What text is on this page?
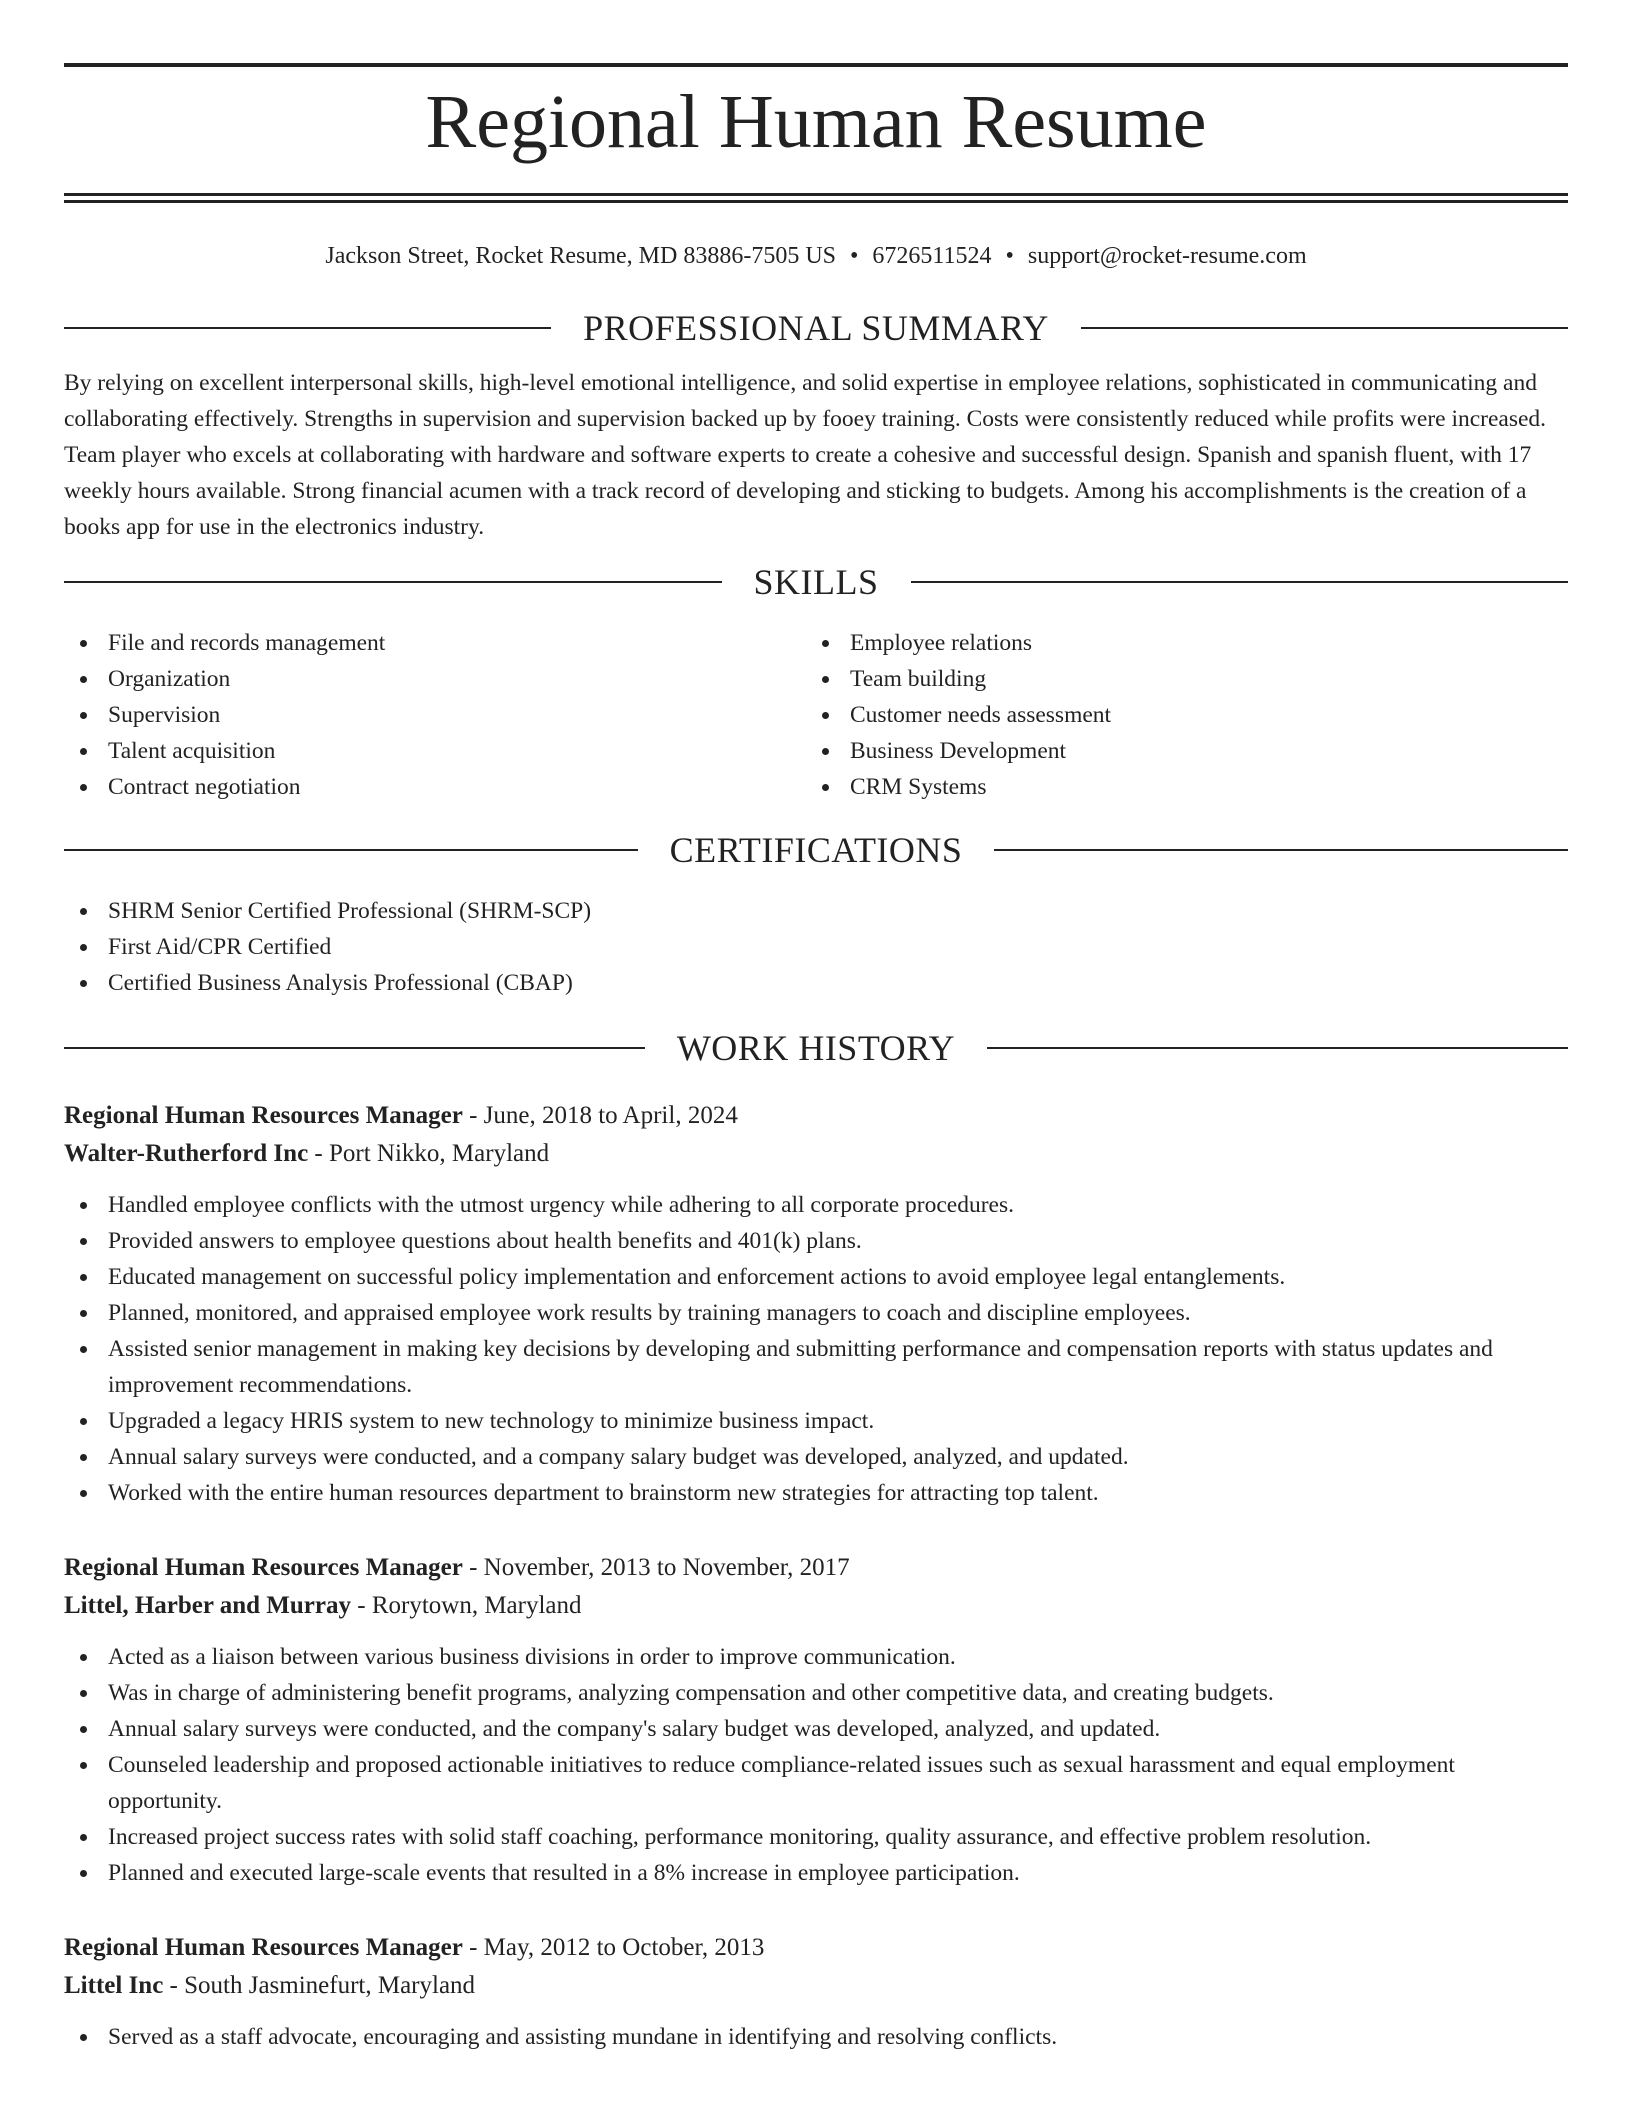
Regional Human Resume
Jackson Street, Rocket Resume, MD 83886-7505 US • 6726511524 • support@rocket-resume.com
PROFESSIONAL SUMMARY

By relying on excellent interpersonal skills, high-level emotional intelligence, and solid expertise in employee relations, sophisticated in communicating and collaborating effectively. Strengths in supervision and supervision backed up by fooey training. Costs were consistently reduced while profits were increased. Team player who excels at collaborating with hardware and software experts to create a cohesive and successful design. Spanish and spanish fluent, with 17 weekly hours available. Strong financial acumen with a track record of developing and sticking to budgets. Among his accomplishments is the creation of a books app for use in the electronics industry.

SKILLS
File and records management
Organization
Supervision
Talent acquisition
Contract negotiation
Employee relations
Team building
Customer needs assessment
Business Development
CRM Systems
CERTIFICATIONS
SHRM Senior Certified Professional (SHRM-SCP)
First Aid/CPR Certified
Certified Business Analysis Professional (CBAP)
WORK HISTORY
Regional Human Resources Manager - June, 2018 to April, 2024
Walter-Rutherford Inc - Port Nikko, Maryland
Handled employee conflicts with the utmost urgency while adhering to all corporate procedures.
Provided answers to employee questions about health benefits and 401(k) plans.
Educated management on successful policy implementation and enforcement actions to avoid employee legal entanglements.
Planned, monitored, and appraised employee work results by training managers to coach and discipline employees.
Assisted senior management in making key decisions by developing and submitting performance and compensation reports with status updates and improvement recommendations.
Upgraded a legacy HRIS system to new technology to minimize business impact.
Annual salary surveys were conducted, and a company salary budget was developed, analyzed, and updated.
Worked with the entire human resources department to brainstorm new strategies for attracting top talent.
Regional Human Resources Manager - November, 2013 to November, 2017
Littel, Harber and Murray - Rorytown, Maryland
Acted as a liaison between various business divisions in order to improve communication.
Was in charge of administering benefit programs, analyzing compensation and other competitive data, and creating budgets.
Annual salary surveys were conducted, and the company's salary budget was developed, analyzed, and updated.
Counseled leadership and proposed actionable initiatives to reduce compliance-related issues such as sexual harassment and equal employment opportunity.
Increased project success rates with solid staff coaching, performance monitoring, quality assurance, and effective problem resolution.
Planned and executed large-scale events that resulted in a 8% increase in employee participation.
Regional Human Resources Manager - May, 2012 to October, 2013
Littel Inc - South Jasminefurt, Maryland
Served as a staff advocate, encouraging and assisting mundane in identifying and resolving conflicts.
